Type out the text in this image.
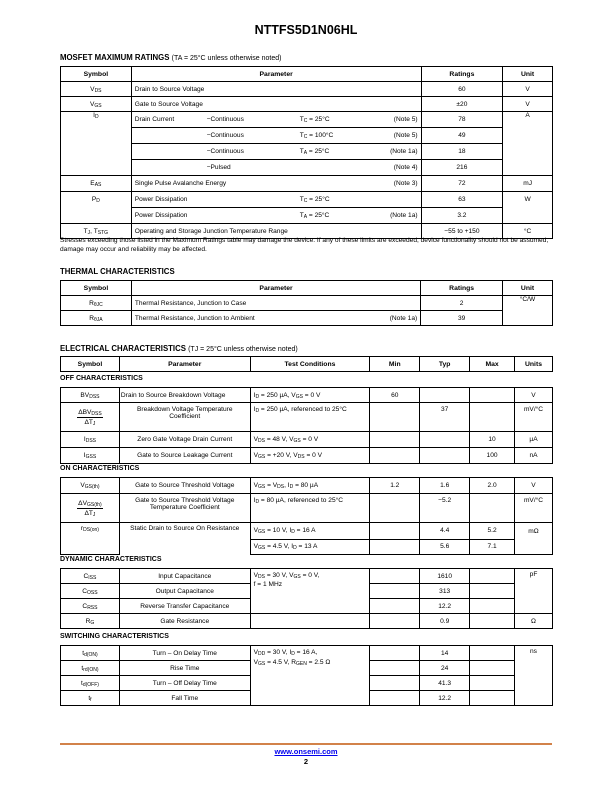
NTTFS5D1N06HL
MOSFET MAXIMUM RATINGS (TA = 25°C unless otherwise noted)
Symbol	Parameter	Ratings	Unit
$V_{DS}$	Drain to Source Voltage	60	V
$V_{GS}$	Gate to Source Voltage	±20	V
$I_D$	Drain Current −Continuous $T_C = 25^\circ C$ (Note 5)	78	A

	−Continuous $T_C = 100^\circ C$ (Note 5)	49	

	−Continuous $T_A = 25^\circ C$ (Note 1a)	18	

	−Pulsed (Note 4)	216	
$E_{AS}$	Single Pulse Avalanche Energy (Note 3)	72	mJ
$P_D$	Power Dissipation $T_C = 25^\circ C$	63	W

	Power Dissipation $T_A = 25^\circ C$ (Note 1a)	3.2	
$T_J$, $T_{STG}$	Operating and Storage Junction Temperature Range	−55 to +150	°C
Stresses exceeding those listed in the Maximum Ratings table may damage the device. If any of these limits are exceeded, device functionality should not be assumed, damage may occur and reliability may be affected.
THERMAL CHARACTERISTICS
Symbol	Parameter	Ratings	Unit
$R_{\theta JC}$	Thermal Resistance, Junction to Case	2	°C/W
$R_{\theta JA}$	Thermal Resistance, Junction to Ambient (Note 1a)	39	
ELECTRICAL CHARACTERISTICS (TJ = 25°C unless otherwise noted)
Symbol	Parameter	Test Conditions	Min	Typ	Max	Units
OFF CHARACTERISTICS
$BV_{DSS}$	Drain to Source Breakdown Voltage	$I_D = 250$ µA, $V_{GS} = 0$ V	60			V

$\frac{\Delta BV_{DSS}}{\Delta T_J}$	Breakdown Voltage Temperature Coefficient	$I_D = 250$ µA, referenced to 25°C		37		mV/°C
$I_{DSS}$	Zero Gate Voltage Drain Current	$V_{DS} = 48$ V, $V_{GS} = 0$ V			10	µA
$I_{GSS}$	Gate to Source Leakage Current	$V_{GS} = +20$ V, $V_{DS} = 0$ V			100	nA
ON CHARACTERISTICS
$V_{GS(th)}$	Gate to Source Threshold Voltage	$V_{GS} = V_{DS}$, $I_D = 80$ µA	1.2	1.6	2.0	V

$\frac{\Delta V_{GS(th)}}{\Delta T_J}$	Gate to Source Threshold Voltage Temperature Coefficient	$I_D = 80$ µA, referenced to 25°C		−5.2		mV/°C
$r_{DS(on)}$	Static Drain to Source On Resistance	$V_{GS} = 10$ V, $I_D = 16$ A		4.4	5.2	mΩ
		$V_{GS} = 4.5$ V, $I_D = 13$ A		5.6	7.1	
DYNAMIC CHARACTERISTICS
$C_{ISS}$	Input Capacitance	$V_{DS} = 30$ V, $V_{GS} = 0$ V,
f = 1 MHz		1610		pF
$C_{OSS}$	Output Capacitance			313		
$C_{RSS}$	Reverse Transfer Capacitance			12.2		
$R_G$	Gate Resistance			0.9		Ω
SWITCHING CHARACTERISTICS
$t_{d(ON)}$	Turn – On Delay Time	$V_{DD} = 30$ V, $I_D = 16$ A,
$V_{GS} = 4.5$ V, $R_{GEN} = 2.5$ Ω		14		ns
$t_{rd(ON)}$	Rise Time			24		
$t_{d(OFF)}$	Turn – Off Delay Time			41.3		
$t_f$	Fall Time			12.2		
www.onsemi.com
2
